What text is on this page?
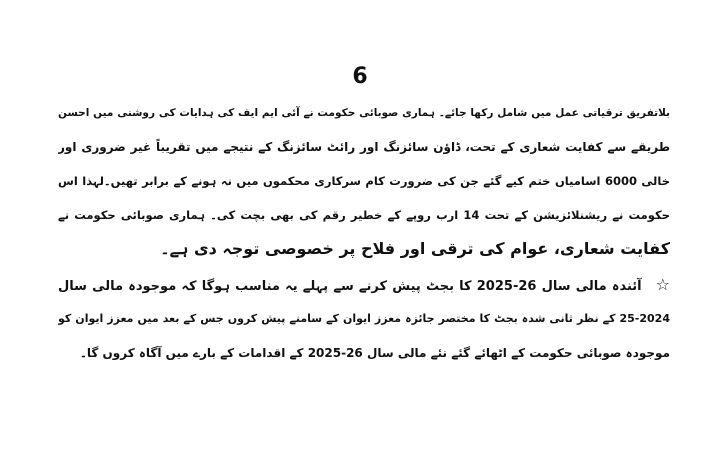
6
بلاتفریق ترقیاتی عمل میں شامل رکھا جائے۔ ہماری صوبائی حکومت نے آئی ایم ایف کی ہدایات کی روشنی میں احسن
طریقے سے کفایت شعاری کے تحت، ڈاؤن سائزنگ اور رائٹ سائزنگ کے نتیجے میں تقریباً غیر ضروری اور
خالی 6000 اسامیاں ختم کیے گئے جن کی ضرورت کام سرکاری محکموں میں نہ ہونے کے برابر تھیں۔لہذا اس
حکومت نے ریشنلائزیشن کے تحت 14 ارب روپے کے خطیر رقم کی بھی بچت کی۔ ہماری صوبائی حکومت نے
کفایت شعاری، عوام کی ترقی اور فلاح پر خصوصی توجہ دی ہے۔
☆آئندہ مالی سال 26-2025 کا بجٹ پیش کرنے سے پہلے یہ مناسب ہوگا کہ موجودہ مالی سال
25-2024 کے نظر ثانی شدہ بجٹ کا مختصر جائزہ معزز ایوان کے سامنے پیش کروں جس کے بعد میں معزز ایوان کو
موجودہ صوبائی حکومت کے اٹھائے گئے نئے مالی سال 26-2025 کے اقدامات کے بارے میں آگاہ کروں گا۔
